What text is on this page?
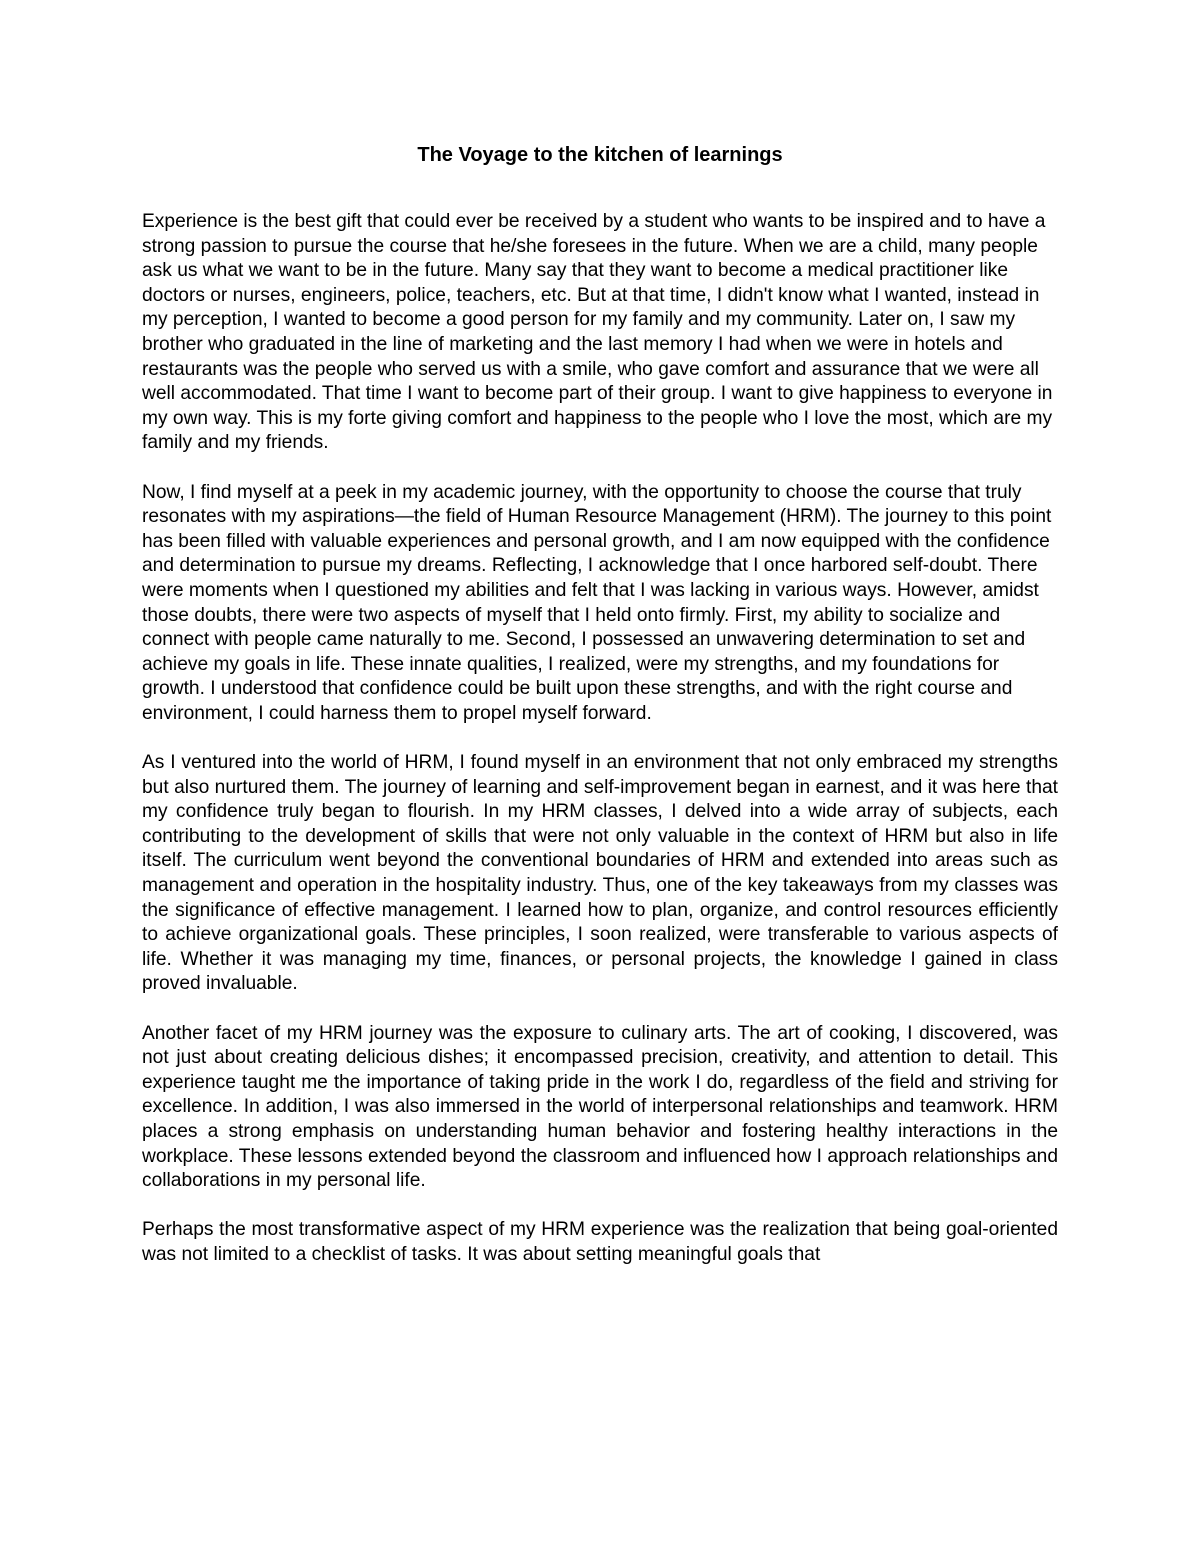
The Voyage to the kitchen of learnings

Experience is the best gift that could ever be received by a student who wants to be inspired and to have a strong passion to pursue the course that he/she foresees in the future. When we are a child, many people ask us what we want to be in the future. Many say that they want to become a medical practitioner like doctors or nurses, engineers, police, teachers, etc. But at that time, I didn't know what I wanted, instead in my perception, I wanted to become a good person for my family and my community. Later on, I saw my brother who graduated in the line of marketing and the last memory I had when we were in hotels and restaurants was the people who served us with a smile, who gave comfort and assurance that we were all well accommodated. That time I want to become part of their group. I want to give happiness to everyone in my own way. This is my forte giving comfort and happiness to the people who I love the most, which are my family and my friends.

Now, I find myself at a peek in my academic journey, with the opportunity to choose the course that truly resonates with my aspirations—the field of Human Resource Management (HRM). The journey to this point has been filled with valuable experiences and personal growth, and I am now equipped with the confidence and determination to pursue my dreams. Reflecting, I acknowledge that I once harbored self-doubt. There were moments when I questioned my abilities and felt that I was lacking in various ways. However, amidst those doubts, there were two aspects of myself that I held onto firmly. First, my ability to socialize and connect with people came naturally to me. Second, I possessed an unwavering determination to set and achieve my goals in life. These innate qualities, I realized, were my strengths, and my foundations for growth. I understood that confidence could be built upon these strengths, and with the right course and environment, I could harness them to propel myself forward.

As I ventured into the world of HRM, I found myself in an environment that not only embraced my strengths but also nurtured them. The journey of learning and self-improvement began in earnest, and it was here that my confidence truly began to flourish. In my HRM classes, I delved into a wide array of subjects, each contributing to the development of skills that were not only valuable in the context of HRM but also in life itself. The curriculum went beyond the conventional boundaries of HRM and extended into areas such as management and operation in the hospitality industry. Thus, one of the key takeaways from my classes was the significance of effective management. I learned how to plan, organize, and control resources efficiently to achieve organizational goals. These principles, I soon realized, were transferable to various aspects of life. Whether it was managing my time, finances, or personal projects, the knowledge I gained in class proved invaluable.

Another facet of my HRM journey was the exposure to culinary arts. The art of cooking, I discovered, was not just about creating delicious dishes; it encompassed precision, creativity, and attention to detail. This experience taught me the importance of taking pride in the work I do, regardless of the field and striving for excellence. In addition, I was also immersed in the world of interpersonal relationships and teamwork. HRM places a strong emphasis on understanding human behavior and fostering healthy interactions in the workplace. These lessons extended beyond the classroom and influenced how I approach relationships and collaborations in my personal life.

Perhaps the most transformative aspect of my HRM experience was the realization that being goal-oriented was not limited to a checklist of tasks. It was about setting meaningful goals that
